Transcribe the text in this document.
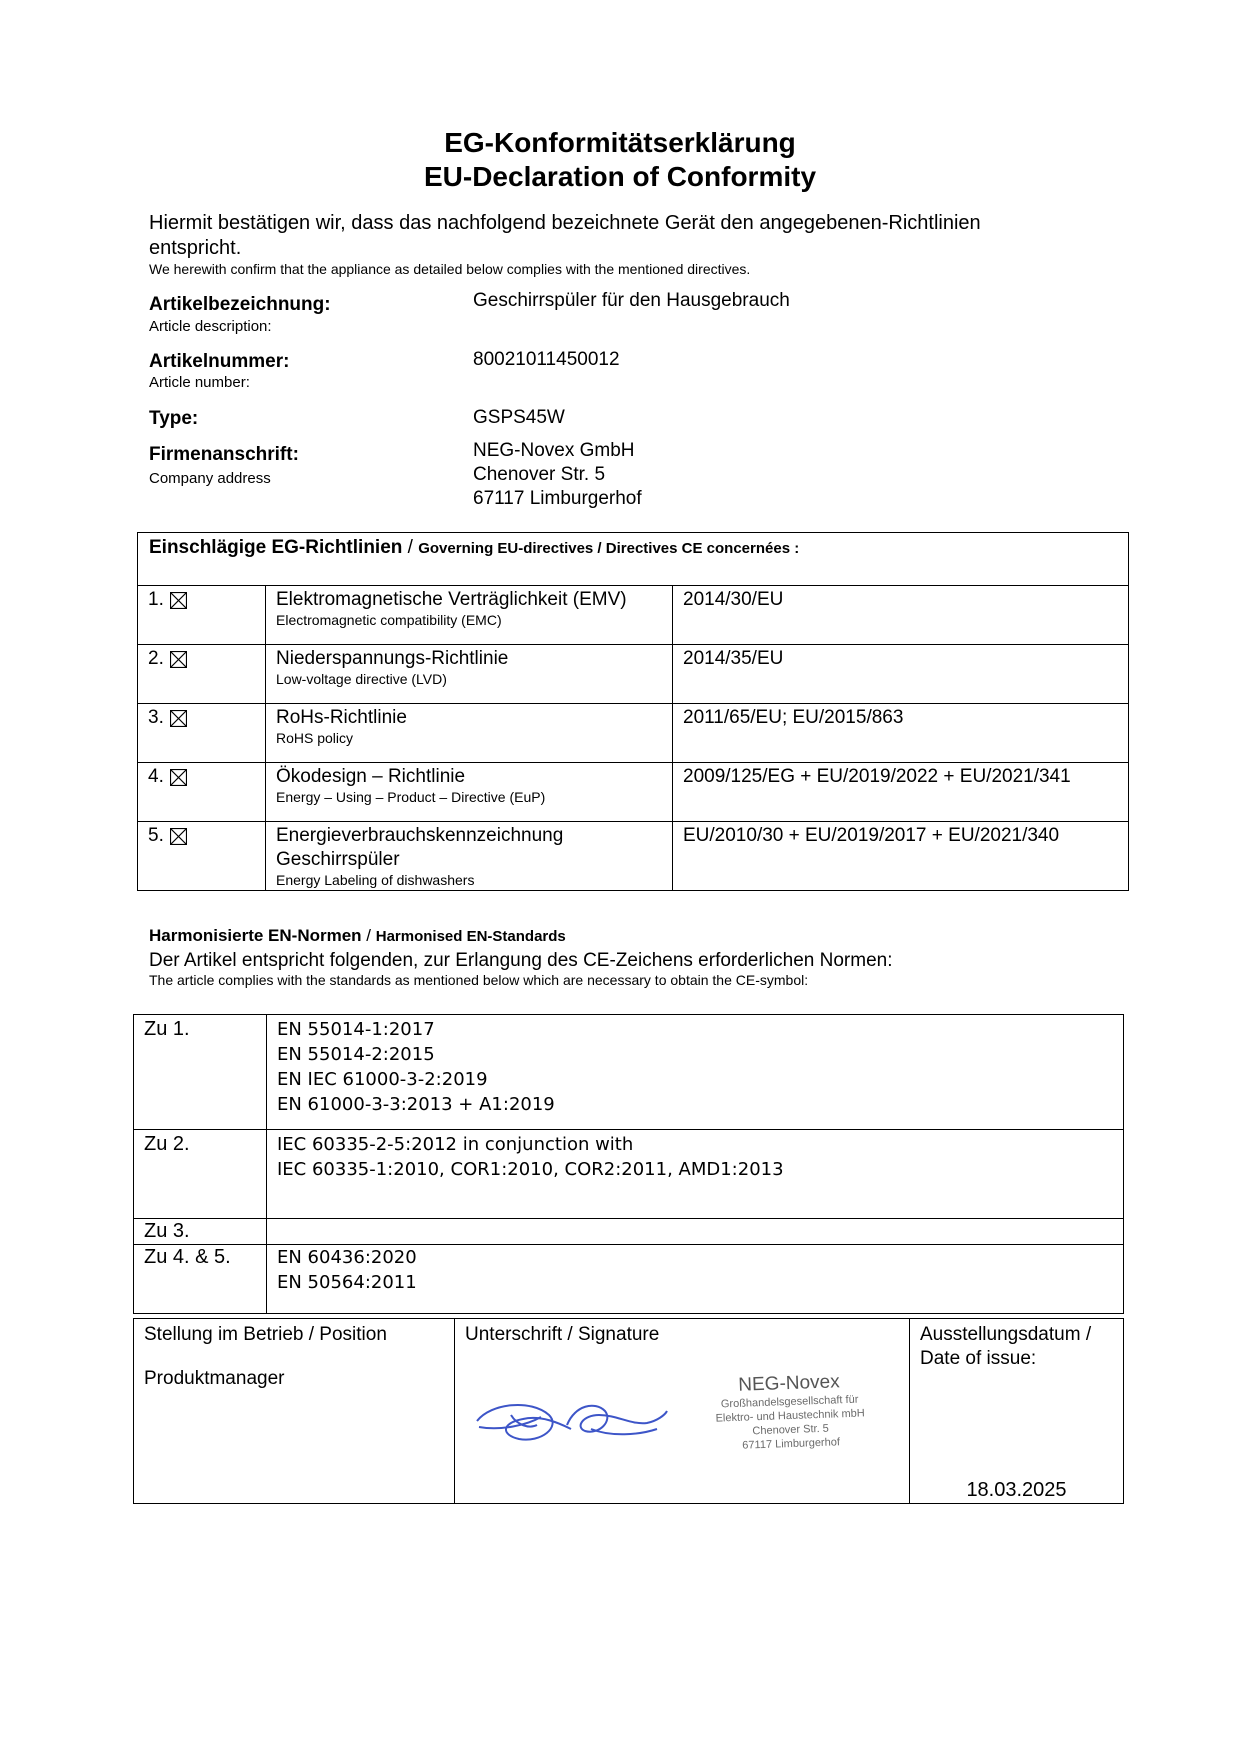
EG-Konformitätserklärung
EU-Declaration of Conformity
Hiermit bestätigen wir, dass das nachfolgend bezeichnete Gerät den angegebenen-Richtlinien entspricht.
We herewith confirm that the appliance as detailed below complies with the mentioned directives.
Artikelbezeichnung:
Article description:
Geschirrspüler für den Hausgebrauch
Artikelnummer:
Article number:
80021011450012
Type:	GSPS45W
Firmenanschrift:
Company address
NEG-Novex GmbH
Chenover Str. 5
67117 Limburgerhof
Einschlägige EG-Richtlinien / Governing EU-directives / Directives CE concernées :		

1.	Elektromagnetische Verträglichkeit (EMV)
Electromagnetic compatibility (EMC)	2014/30/EU

2.	Niederspannungs-Richtlinie
Low-voltage directive (LVD)	2014/35/EU

3.	RoHs-Richtlinie
RoHS policy	2011/65/EU; EU/2015/863

4.	Ökodesign – Richtlinie
Energy – Using – Product – Directive (EuP)	2009/125/EG + EU/2019/2022 + EU/2021/341

5.	Energieverbrauchskennzeichnung Geschirrspüler
Energy Labeling of dishwashers	EU/2010/30 + EU/2019/2017 + EU/2021/340
Harmonisierte EN-Normen / Harmonised EN-Standards
Der Artikel entspricht folgenden, zur Erlangung des CE-Zeichens erforderlichen Normen:
The article complies with the standards as mentioned below which are necessary to obtain the CE-symbol:
Zu 1.	EN 55014-1:2017
EN 55014-2:2015
EN IEC 61000-3-2:2019
EN 61000-3-3:2013 + A1:2019

Zu 2.	IEC 60335-2-5:2012 in conjunction with
IEC 60335-1:2010, COR1:2010, COR2:2011, AMD1:2013

Zu 3.	
Zu 4. & 5.	EN 60436:2020
EN 50564:2011
Stellung im Betrieb / Position
Produktmanager

Unterschrift / Signature
NEG-Novex
Großhandelsgesellschaft für
Elektro- und Haustechnik mbH
Chenover Str. 5
67117 Limburgerhof

Ausstellungsdatum / Date of issue:
18.03.2025
